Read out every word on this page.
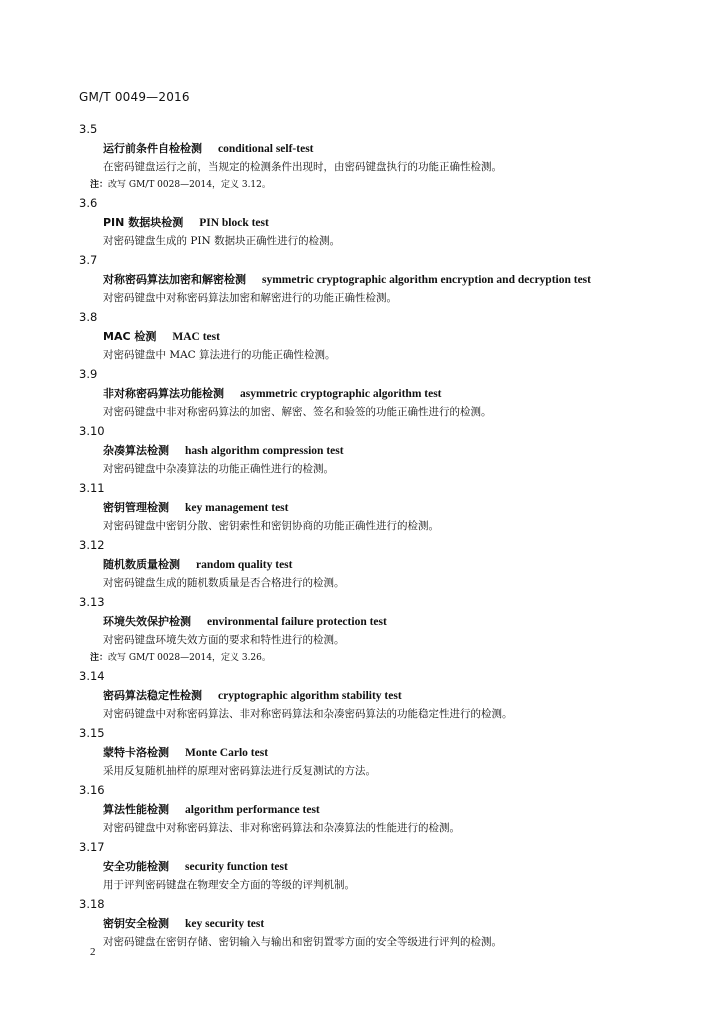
GM/T 0049—2016
3.5
运行前条件自检检测 conditional self-test
在密码键盘运行之前，当规定的检测条件出现时，由密码键盘执行的功能正确性检测。
注：改写 GM/T 0028—2014，定义 3.12。
3.6
PIN 数据块检测 PIN block test
对密码键盘生成的 PIN 数据块正确性进行的检测。
3.7
对称密码算法加密和解密检测 symmetric cryptographic algorithm encryption and decryption test
对密码键盘中对称密码算法加密和解密进行的功能正确性检测。
3.8
MAC 检测 MAC test
对密码键盘中 MAC 算法进行的功能正确性检测。
3.9
非对称密码算法功能检测 asymmetric cryptographic algorithm test
对密码键盘中非对称密码算法的加密、解密、签名和验签的功能正确性进行的检测。
3.10
杂凑算法检测 hash algorithm compression test
对密码键盘中杂凑算法的功能正确性进行的检测。
3.11
密钥管理检测 key management test
对密码键盘中密钥分散、密钥索性和密钥协商的功能正确性进行的检测。
3.12
随机数质量检测 random quality test
对密码键盘生成的随机数质量是否合格进行的检测。
3.13
环境失效保护检测 environmental failure protection test
对密码键盘环境失效方面的要求和特性进行的检测。
注：改写 GM/T 0028—2014，定义 3.26。
3.14
密码算法稳定性检测 cryptographic algorithm stability test
对密码键盘中对称密码算法、非对称密码算法和杂凑密码算法的功能稳定性进行的检测。
3.15
蒙特卡洛检测 Monte Carlo test
采用反复随机抽样的原理对密码算法进行反复测试的方法。
3.16
算法性能检测 algorithm performance test
对密码键盘中对称密码算法、非对称密码算法和杂凑算法的性能进行的检测。
3.17
安全功能检测 security function test
用于评判密码键盘在物理安全方面的等级的评判机制。
3.18
密钥安全检测 key security test
对密码键盘在密钥存储、密钥输入与输出和密钥置零方面的安全等级进行评判的检测。
2
